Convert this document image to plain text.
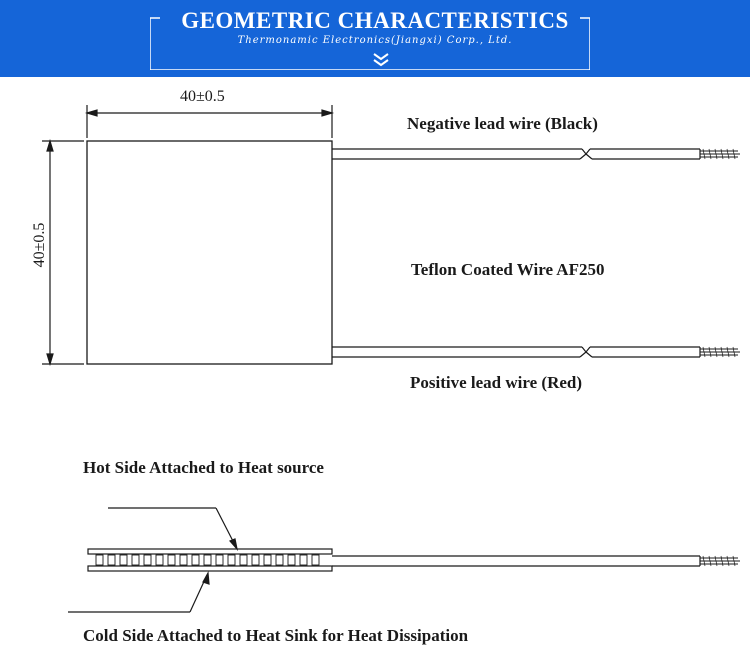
GEOMETRIC CHARACTERISTICS
Thermonamic Electronics(Jiangxi) Corp., Ltd.
40±0.5
40±0.5
Negative lead wire (Black)
Teflon Coated Wire AF250
Positive lead wire (Red)
Hot Side Attached to Heat source
Cold Side Attached to Heat Sink for Heat Dissipation
